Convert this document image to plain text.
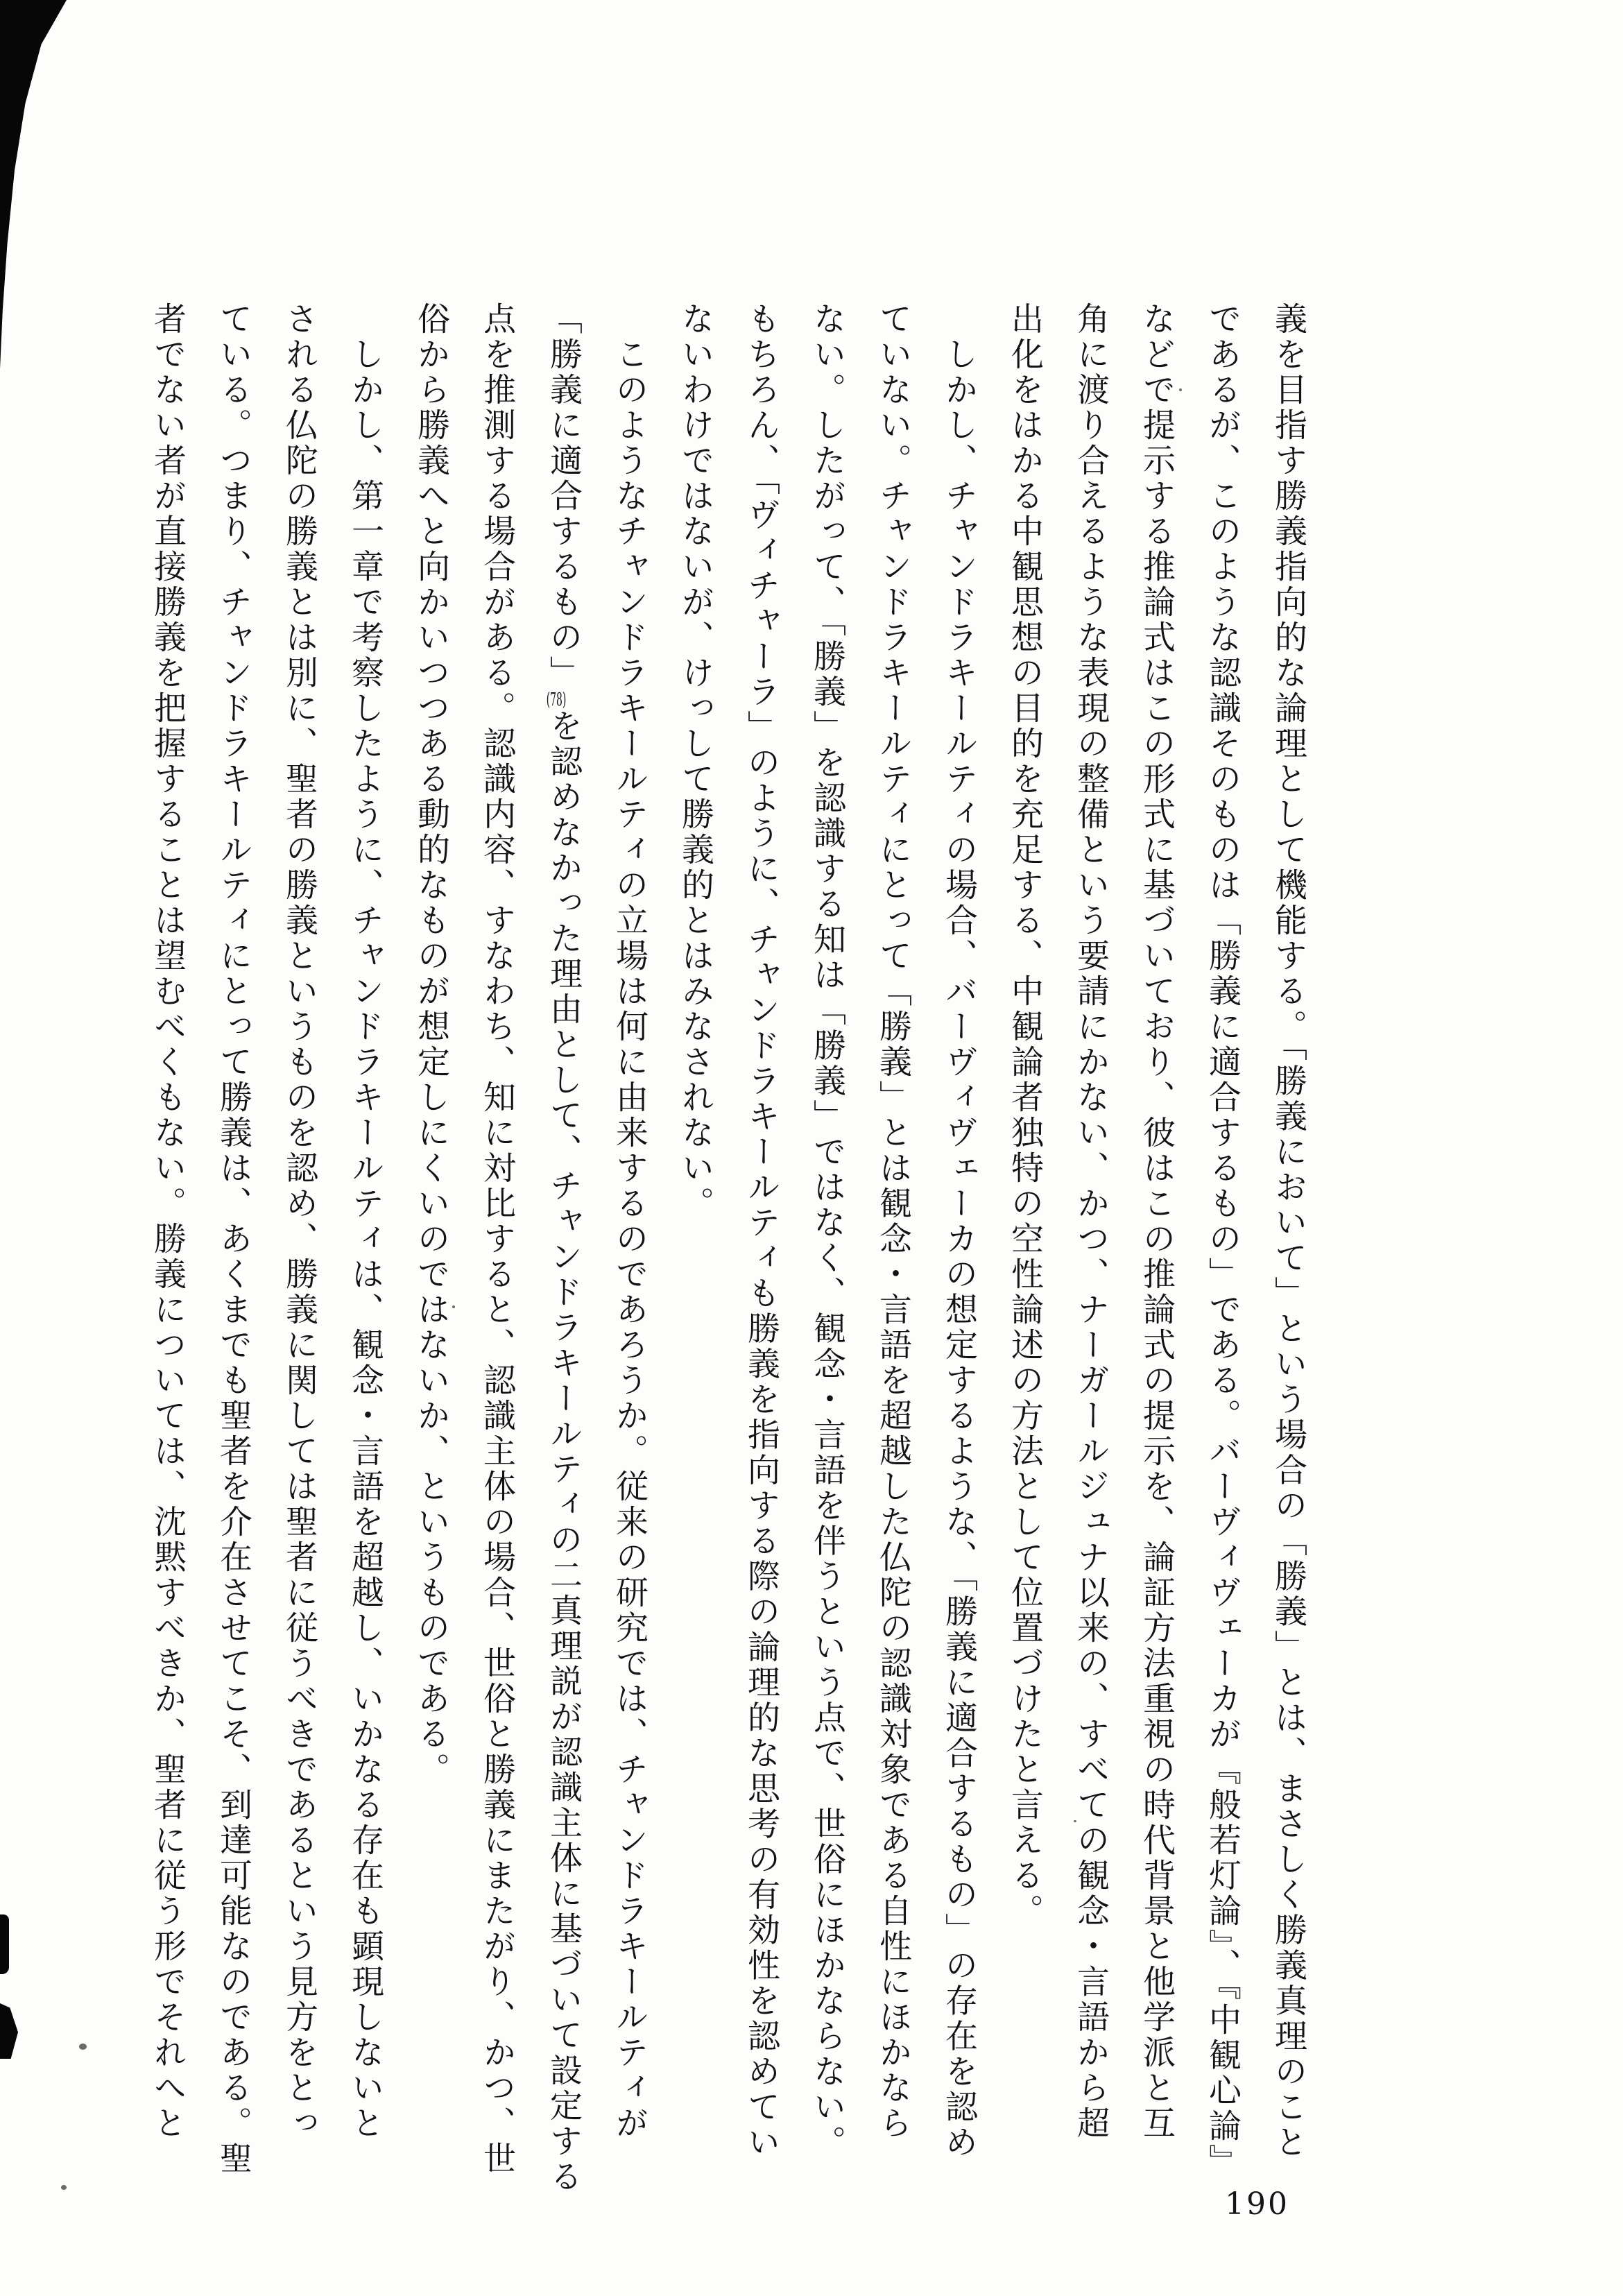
義を目指す勝義指向的な論理として機能する。「勝義において」という場合の「勝義」とは、まさしく勝義真理のこと
であるが、このような認識そのものは「勝義に適合するもの」である。バーヴィヴェーカが『般若灯論』、『中観心論』
などで提示する推論式はこの形式に基づいており、彼はこの推論式の提示を、論証方法重視の時代背景と他学派と互
角に渡り合えるような表現の整備という要請にかない、かつ、ナーガールジュナ以来の、すべての観念・言語から超
出化をはかる中観思想の目的を充足する、中観論者独特の空性論述の方法として位置づけたと言える。
しかし、チャンドラキールティの場合、バーヴィヴェーカの想定するような、「勝義に適合するもの」の存在を認め
ていない。チャンドラキールティにとって「勝義」とは観念・言語を超越した仏陀の認識対象である自性にほかなら
ない。したがって、「勝義」を認識する知は「勝義」ではなく、観念・言語を伴うという点で、世俗にほかならない。
もちろん、「ヴィチャーラ」のように、チャンドラキールティも勝義を指向する際の論理的な思考の有効性を認めてい
ないわけではないが、けっして勝義的とはみなされない。
このようなチャンドラキールティの立場は何に由来するのであろうか。従来の研究では、チャンドラキールティが
「勝義に適合するもの」(78)を認めなかった理由として、チャンドラキールティの二真理説が認識主体に基づいて設定する
点を推測する場合がある。認識内容、すなわち、知に対比すると、認識主体の場合、世俗と勝義にまたがり、かつ、世
俗から勝義へと向かいつつある動的なものが想定しにくいのではないか、というものである。
しかし、第一章で考察したように、チャンドラキールティは、観念・言語を超越し、いかなる存在も顕現しないと
される仏陀の勝義とは別に、聖者の勝義というものを認め、勝義に関しては聖者に従うべきであるという見方をとっ
ている。つまり、チャンドラキールティにとって勝義は、あくまでも聖者を介在させてこそ、到達可能なのである。聖
者でない者が直接勝義を把握することは望むべくもない。勝義については、沈黙すべきか、聖者に従う形でそれへと
190
